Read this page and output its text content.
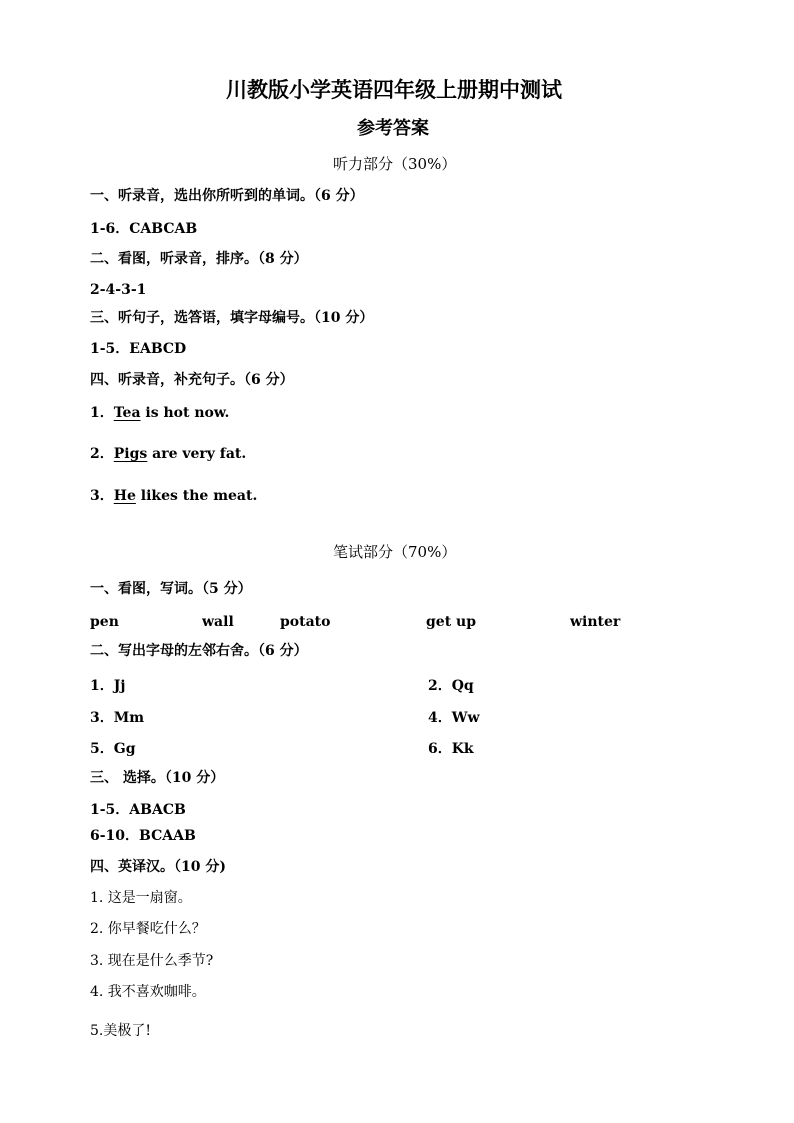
川教版小学英语四年级上册期中测试
参考答案
听力部分（30%）
一、听录音，选出你所听到的单词。（6 分）
1-6．CABCAB
二、看图，听录音，排序。（8 分）
2-4-3-1
三、听句子，选答语，填字母编号。（10 分）
1-5．EABCD
四、听录音，补充句子。（6 分）
1．Tea is hot now.
2．Pigs are very fat.
3．He likes the meat.
笔试部分（70%）
一、看图，写词。（5 分）
pen	wall	potato	get up	winter
二、写出字母的左邻右舍。（6 分）
1．Jj	2．Qq
3．Mm	4．Ww
5．Gg	6．Kk
三、 选择。（10 分）
1-5．ABACB
6-10．BCAAB
四、英译汉。（10 分)
1. 这是一扇窗。
2. 你早餐吃什么？
3. 现在是什么季节?
4. 我不喜欢咖啡。
5.美极了!
